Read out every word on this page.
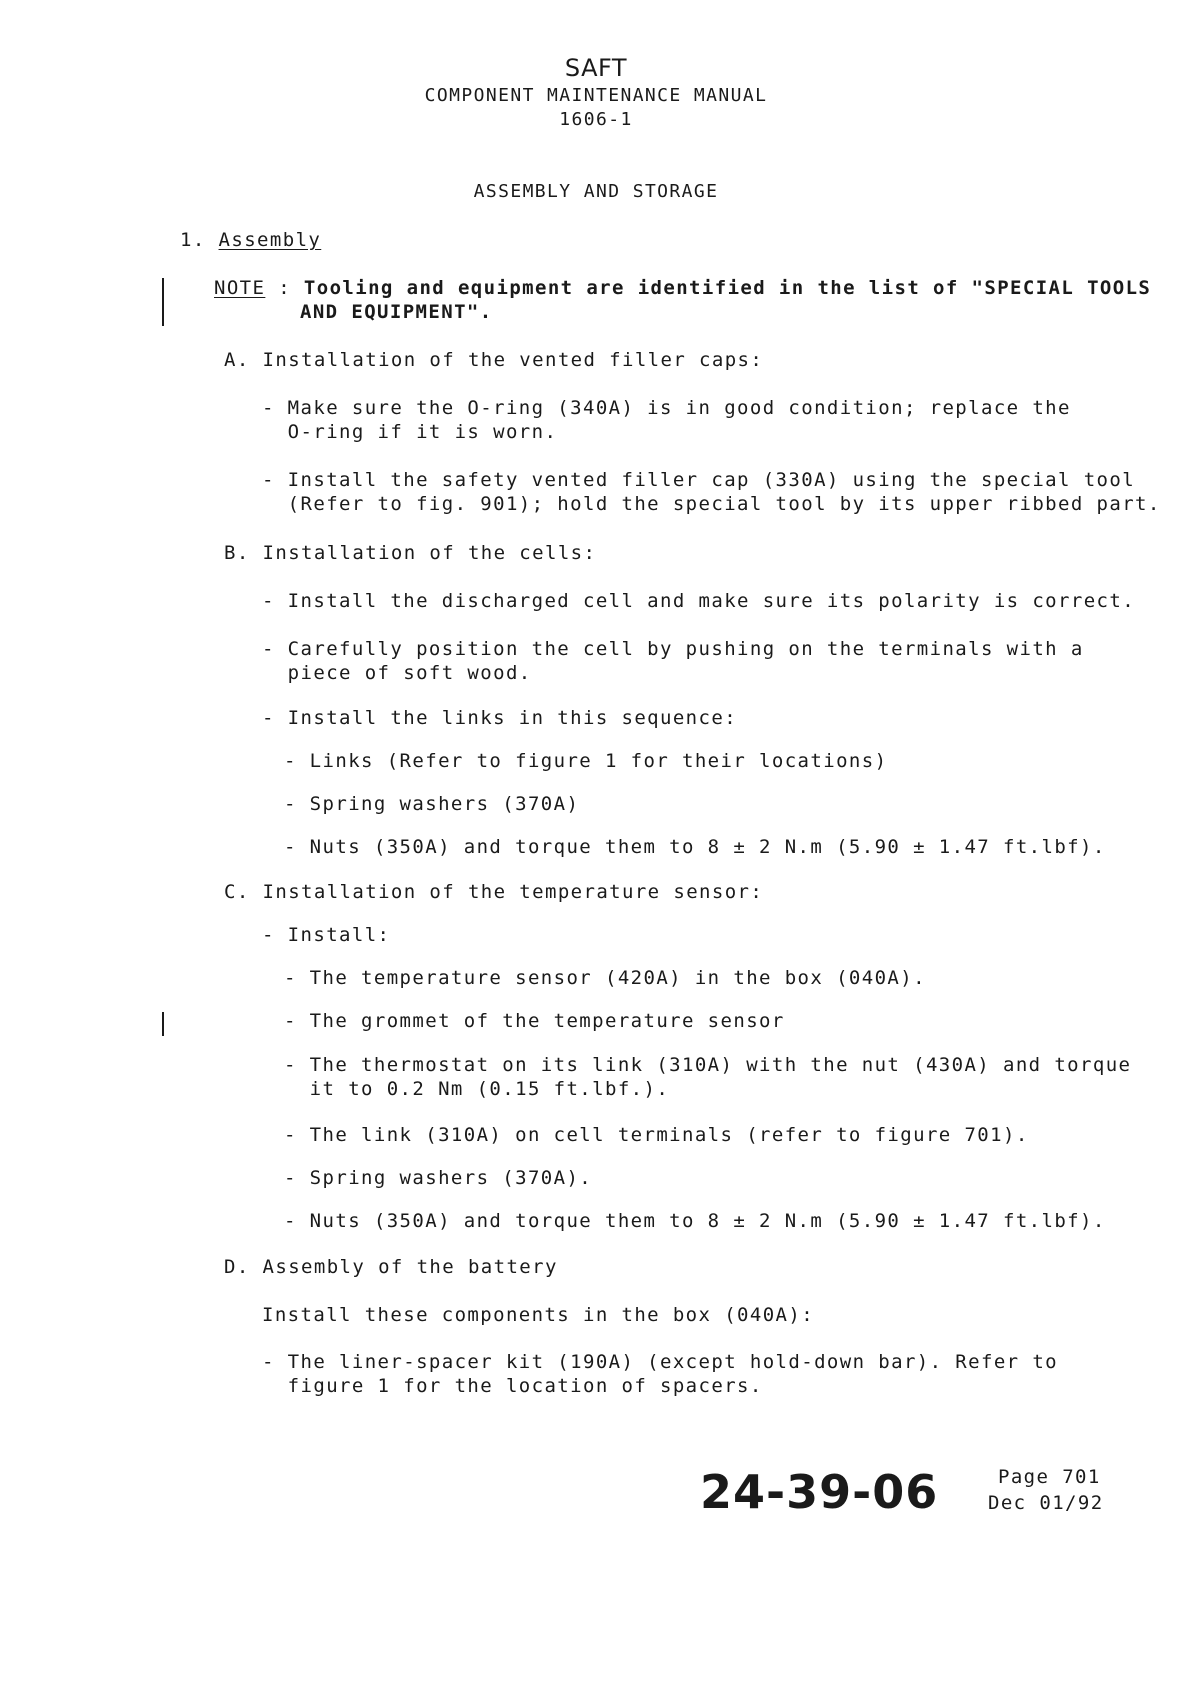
SAFT
COMPONENT MAINTENANCE MANUAL
1606-1
ASSEMBLY AND STORAGE
1. Assembly
NOTE : Tooling and equipment are identified in the list of "SPECIAL TOOLS
AND EQUIPMENT".
A. Installation of the vented filler caps:
- Make sure the O-ring (340A) is in good condition; replace the
O-ring if it is worn.
- Install the safety vented filler cap (330A) using the special tool
(Refer to fig. 901); hold the special tool by its upper ribbed part.
B. Installation of the cells:
- Install the discharged cell and make sure its polarity is correct.
- Carefully position the cell by pushing on the terminals with a
piece of soft wood.
- Install the links in this sequence:
- Links (Refer to figure 1 for their locations)
- Spring washers (370A)
- Nuts (350A) and torque them to 8 ± 2 N.m (5.90 ± 1.47 ft.lbf).
C. Installation of the temperature sensor:
- Install:
- The temperature sensor (420A) in the box (040A).
- The grommet of the temperature sensor
- The thermostat on its link (310A) with the nut (430A) and torque
it to 0.2 Nm (0.15 ft.lbf.).
- The link (310A) on cell terminals (refer to figure 701).
- Spring washers (370A).
- Nuts (350A) and torque them to 8 ± 2 N.m (5.90 ± 1.47 ft.lbf).
D. Assembly of the battery
Install these components in the box (040A):
- The liner-spacer kit (190A) (except hold-down bar). Refer to
figure 1 for the location of spacers.
24-39-06	Page 701
Dec 01/92
